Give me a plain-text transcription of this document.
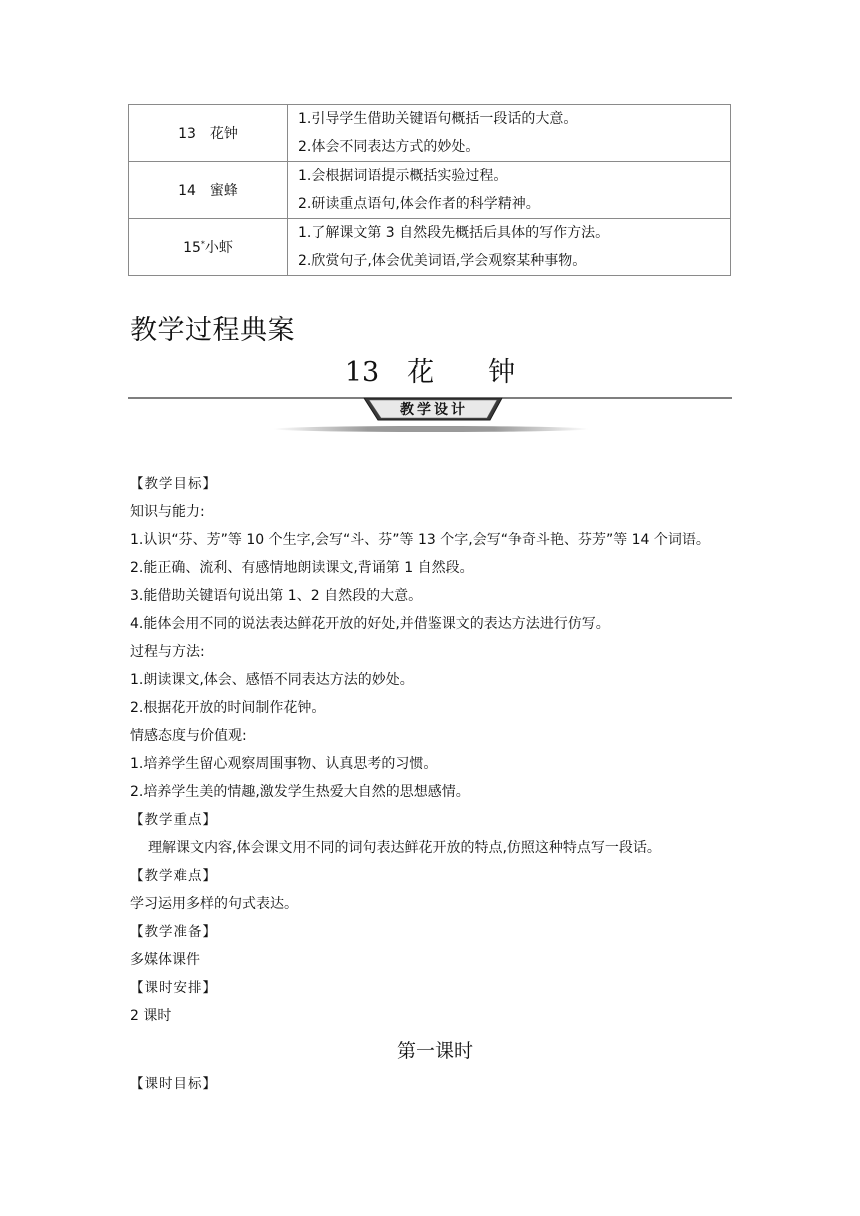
13　花钟	1.引导学生借助关键语句概括一段话的大意。
2.体会不同表达方式的妙处。

14　蜜蜂	1.会根据词语提示概括实验过程。
2.研读重点语句,体会作者的科学精神。

15*小虾	1.了解课文第 3 自然段先概括后具体的写作方法。
2.欣赏句子,体会优美词语,学会观察某种事物。
教学过程典案
13 花 钟
教学设计
【教学目标】
知识与能力:
1.认识“芬、芳”等 10 个生字,会写“斗、芬”等 13 个字,会写“争奇斗艳、芬芳”等 14 个词语。
2.能正确、流利、有感情地朗读课文,背诵第 1 自然段。
3.能借助关键语句说出第 1、2 自然段的大意。
4.能体会用不同的说法表达鲜花开放的好处,并借鉴课文的表达方法进行仿写。
过程与方法:
1.朗读课文,体会、感悟不同表达方法的妙处。
2.根据花开放的时间制作花钟。
情感态度与价值观:
1.培养学生留心观察周围事物、认真思考的习惯。
2.培养学生美的情趣,激发学生热爱大自然的思想感情。
【教学重点】
理解课文内容,体会课文用不同的词句表达鲜花开放的特点,仿照这种特点写一段话。
【教学难点】
学习运用多样的句式表达。
【教学准备】
多媒体课件
【课时安排】
2 课时
第一课时
【课时目标】
